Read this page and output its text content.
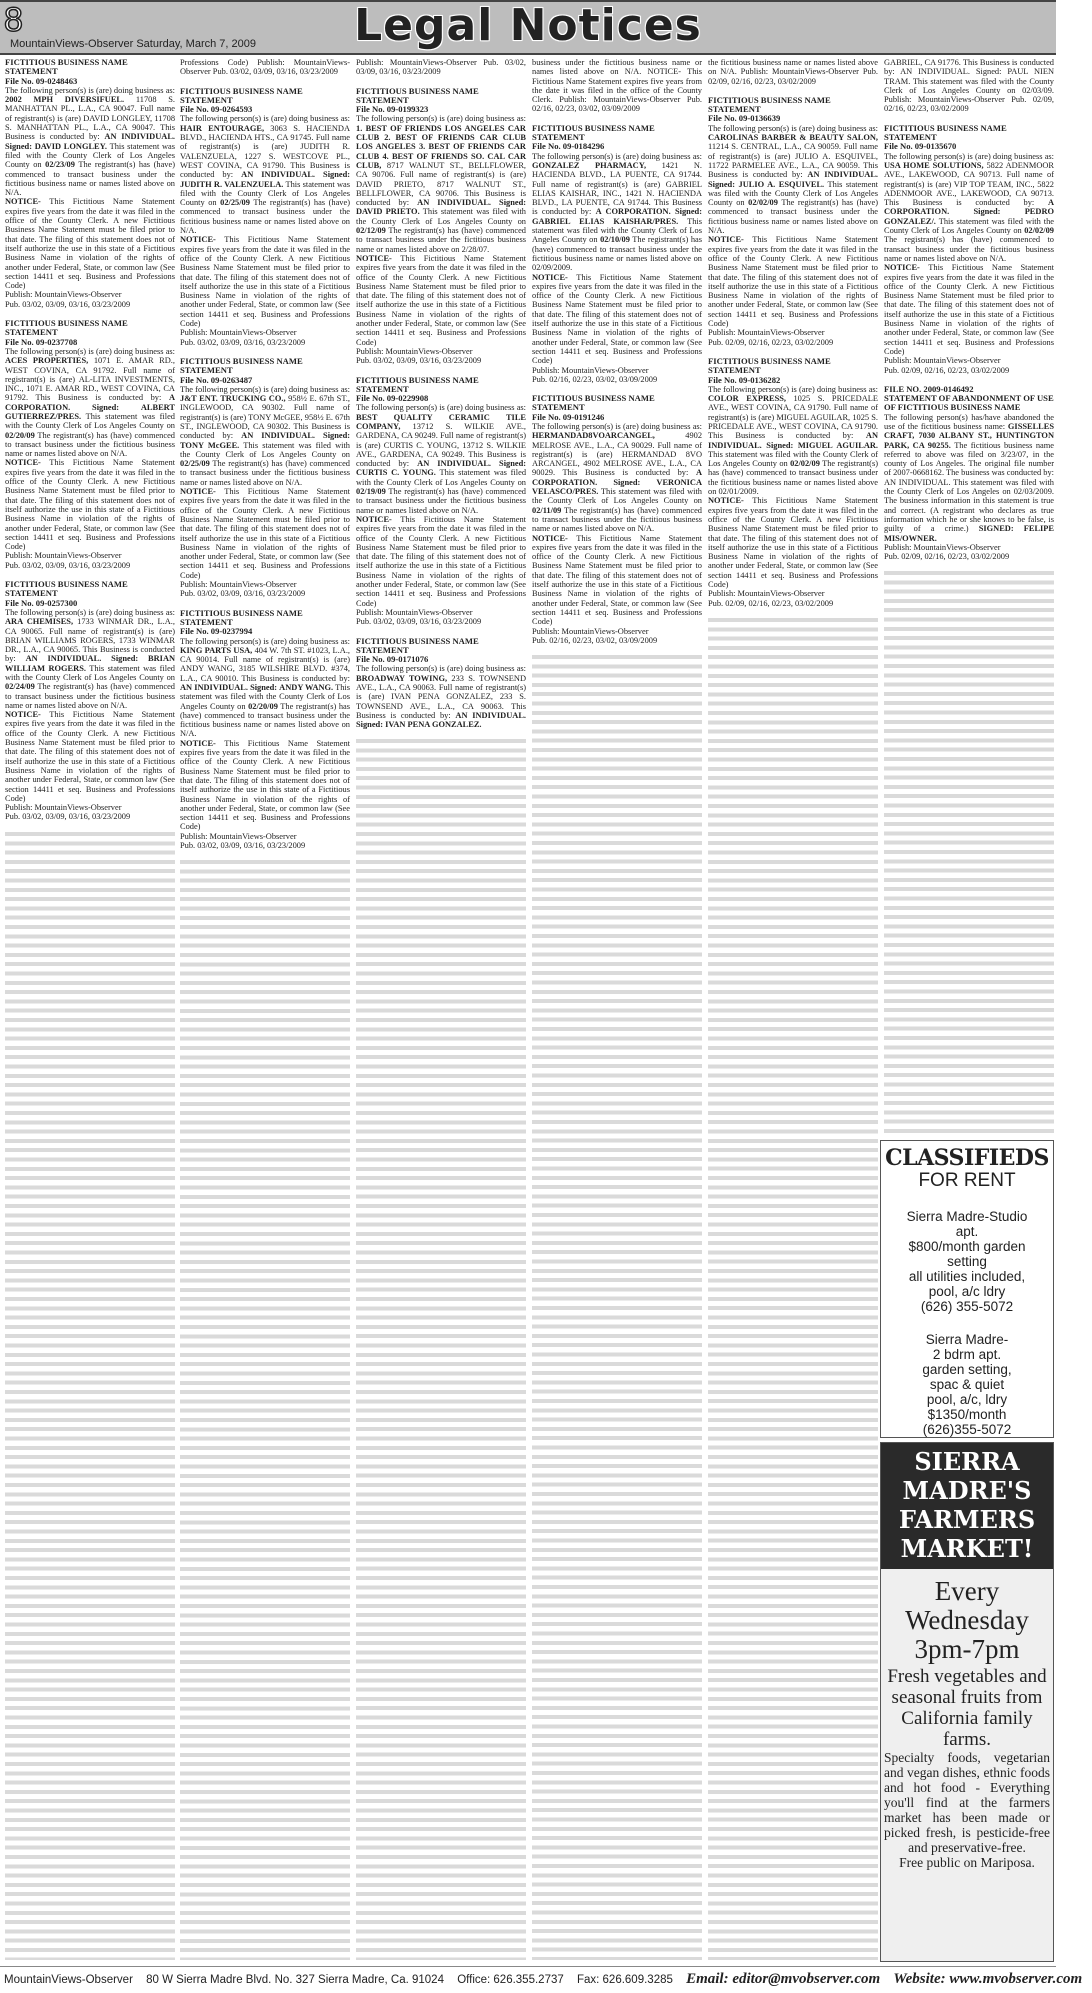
8
MountainViews-Observer Saturday, March 7, 2009	Legal Notices
FICTITIOUS BUSINESS NAME STATEMENT
File No. 09-0248463

The following person(s) is (are) doing business as: 2002 MPH DIVERSIFUEL. 11708 S. MANHATTAN PL., L.A., CA 90047. Full name of registrant(s) is (are) DAVID LONGLEY, 11708 S. MANHATTAN PL., L.A., CA 90047. This Business is conducted by: AN INDIVIDUAL. Signed: DAVID LONGLEY. This statement was filed with the County Clerk of Los Angeles County on 02/23/09 The registrant(s) has (have) commenced to transact business under the fictitious business name or names listed above on N/A.

NOTICE- This Fictitious Name Statement expires five years from the date it was filed in the office of the County Clerk. A new Fictitious Business Name Statement must be filed prior to that date. The filing of this statement does not of itself authorize the use in this state of a Fictitious Business Name in violation of the rights of another under Federal, State, or common law (See section 14411 et seq. Business and Professions Code)

Publish: MountainViews-Observer

Pub. 03/02, 03/09, 03/16, 03/23/2009

FICTITIOUS BUSINESS NAME STATEMENT
File No. 09-0237708

The following person(s) is (are) doing business as: ACES PROPERTIES, 1071 E. AMAR RD., WEST COVINA, CA 91792. Full name of registrant(s) is (are) AL-LITA INVESTMENTS, INC., 1071 E. AMAR RD., WEST COVINA, CA 91792. This Business is conducted by: A CORPORATION.	Signed:	ALBERT GUTIERREZ/PRES. This statement was filed with the County Clerk of Los Angeles County on 02/20/09 The registrant(s) has (have) commenced to transact business under the fictitious business name or names listed above on N/A.

NOTICE- This Fictitious Name Statement expires five years from the date it was filed in the office of the County Clerk. A new Fictitious Business Name Statement must be filed prior to that date. The filing of this statement does not of itself authorize the use in this state of a Fictitious Business Name in violation of the rights of another under Federal, State, or common law (See section 14411 et seq. Business and Professions Code)

Publish: MountainViews-Observer

Pub. 03/02, 03/09, 03/16, 03/23/2009

FICTITIOUS BUSINESS NAME STATEMENT
File No. 09-0257300

The following person(s) is (are) doing business as: ARA CHEMISES, 1733 WINMAR DR., L.A., CA 90065. Full name of registrant(s) is (are) BRIAN WILLIAMS ROGERS, 1733 WINMAR DR., L.A., CA 90065. This Business is conducted by: AN INDIVIDUAL. Signed: BRIAN WILLIAM ROGERS. This statement was filed with the County Clerk of Los Angeles County on 02/24/09 The registrant(s) has (have) commenced to transact business under the fictitious business name or names listed above on N/A.

NOTICE- This Fictitious Name Statement expires five years from the date it was filed in the office of the County Clerk. A new Fictitious Business Name Statement must be filed prior to that date. The filing of this statement does not of itself authorize the use in this state of a Fictitious Business Name in violation of the rights of another under Federal, State, or common law (See section 14411 et seq. Business and Professions Code)

Publish: MountainViews-Observer

Pub. 03/02, 03/09, 03/16, 03/23/2009

Professions Code) Publish: MountainViews-Observer Pub. 03/02, 03/09, 03/16, 03/23/2009
FICTITIOUS BUSINESS NAME STATEMENT
File No. 09-0264593

The following person(s) is (are) doing business as: HAIR ENTOURAGE, 3063 S. HACIENDA BLVD., HACIENDA HTS., CA 91745. Full name of registrant(s) is (are) JUDITH R. VALENZUELA, 1227 S. WESTCOVE PL., WEST COVINA, CA 91790. This Business is conducted by: AN INDIVIDUAL. Signed: JUDITH R. VALENZUELA. This statement was filed with the County Clerk of Los Angeles County on 02/25/09 The registrant(s) has (have) commenced to transact business under the fictitious business name or names listed above on N/A.

NOTICE- This Fictitious Name Statement expires five years from the date it was filed in the office of the County Clerk. A new Fictitious Business Name Statement must be filed prior to that date. The filing of this statement does not of itself authorize the use in this state of a Fictitious Business Name in violation of the rights of another under Federal, State, or common law (See section 14411 et seq. Business and Professions Code)

Publish: MountainViews-Observer

Pub. 03/02, 03/09, 03/16, 03/23/2009

FICTITIOUS BUSINESS NAME STATEMENT
File No. 09-0263487

The following person(s) is (are) doing business as: J&T ENT. TRUCKING CO., 958½ E. 67th ST., INGLEWOOD, CA 90302. Full name of registrant(s) is (are) TONY McGEE, 958½ E. 67th ST., INGLEWOOD, CA 90302. This Business is conducted by: AN INDIVIDUAL. Signed: TONY McGEE. This statement was filed with the County Clerk of Los Angeles County on 02/25/09 The registrant(s) has (have) commenced to transact business under the fictitious business name or names listed above on N/A.

NOTICE- This Fictitious Name Statement expires five years from the date it was filed in the office of the County Clerk. A new Fictitious Business Name Statement must be filed prior to that date. The filing of this statement does not of itself authorize the use in this state of a Fictitious Business Name in violation of the rights of another under Federal, State, or common law (See section 14411 et seq. Business and Professions Code)

Publish: MountainViews-Observer

Pub. 03/02, 03/09, 03/16, 03/23/2009

FICTITIOUS BUSINESS NAME STATEMENT
File No. 09-0237994

The following person(s) is (are) doing business as: KING PARTS USA, 404 W. 7th ST. #1023, L.A., CA 90014. Full name of registrant(s) is (are) ANDY WANG, 3185 WILSHIRE BLVD. #374, L.A., CA 90010. This Business is conducted by: AN INDIVIDUAL. Signed: ANDY WANG. This statement was filed with the County Clerk of Los Angeles County on 02/20/09 The registrant(s) has (have) commenced to transact business under the fictitious business name or names listed above on N/A.

NOTICE- This Fictitious Name Statement expires five years from the date it was filed in the office of the County Clerk. A new Fictitious Business Name Statement must be filed prior to that date. The filing of this statement does not of itself authorize the use in this state of a Fictitious Business Name in violation of the rights of another under Federal, State, or common law (See section 14411 et seq. Business and Professions Code)

Publish: MountainViews-Observer

Pub. 03/02, 03/09, 03/16, 03/23/2009

Publish: MountainViews-Observer Pub. 03/02, 03/09, 03/16, 03/23/2009
FICTITIOUS BUSINESS NAME STATEMENT
File No. 09-0199323

The following person(s) is (are) doing business as: 1. BEST OF FRIENDS LOS ANGELES CAR CLUB 2. BEST OF FRIENDS CAR CLUB LOS ANGELES 3. BEST OF FRIENDS CAR CLUB 4. BEST OF FRIENDS SO. CAL CAR CLUB, 8717 WALNUT ST., BELLFLOWER, CA 90706. Full name of registrant(s) is (are) DAVID PRIETO, 8717 WALNUT ST., BELLFLOWER, CA 90706. This Business is conducted by: AN INDIVIDUAL. Signed: DAVID PRIETO. This statement was filed with the County Clerk of Los Angeles County on 02/12/09 The registrant(s) has (have) commenced to transact business under the fictitious business name or names listed above on 2/28/07.

NOTICE- This Fictitious Name Statement expires five years from the date it was filed in the office of the County Clerk. A new Fictitious Business Name Statement must be filed prior to that date. The filing of this statement does not of itself authorize the use in this state of a Fictitious Business Name in violation of the rights of another under Federal, State, or common law (See section 14411 et seq. Business and Professions Code)

Publish: MountainViews-Observer

Pub. 03/02, 03/09, 03/16, 03/23/2009

FICTITIOUS BUSINESS NAME STATEMENT
File No. 09-0229908

The following person(s) is (are) doing business as: BEST QUALITY CERAMIC TILE COMPANY, 13712 S. WILKIE AVE., GARDENA, CA 90249. Full name of registrant(s) is (are) CURTIS C. YOUNG, 13712 S. WILKIE AVE., GARDENA, CA 90249. This Business is conducted by: AN INDIVIDUAL. Signed: CURTIS C. YOUNG. This statement was filed with the County Clerk of Los Angeles County on 02/19/09 The registrant(s) has (have) commenced to transact business under the fictitious business name or names listed above on N/A.

NOTICE- This Fictitious Name Statement expires five years from the date it was filed in the office of the County Clerk. A new Fictitious Business Name Statement must be filed prior to that date. The filing of this statement does not of itself authorize the use in this state of a Fictitious Business Name in violation of the rights of another under Federal, State, or common law (See section 14411 et seq. Business and Professions Code)

Publish: MountainViews-Observer

Pub. 03/02, 03/09, 03/16, 03/23/2009

FICTITIOUS BUSINESS NAME STATEMENT
File No. 09-0171076

The following person(s) is (are) doing business as: BROADWAY TOWING, 233 S. TOWNSEND AVE., L.A., CA 90063. Full name of registrant(s) is (are) IVAN PENA GONZALEZ, 233 S. TOWNSEND AVE., L.A., CA 90063. This Business is conducted by: AN INDIVIDUAL. Signed: IVAN PENA GONZALEZ.

business under the fictitious business name or names listed above on N/A. NOTICE- This Fictitious Name Statement expires five years from the date it was filed in the office of the County Clerk. Publish: MountainViews-Observer Pub. 02/16, 02/23, 03/02, 03/09/2009
FICTITIOUS BUSINESS NAME STATEMENT
File No. 09-0184296

The following person(s) is (are) doing business as: GONZALEZ PHARMACY, 1421 N. HACIENDA BLVD., LA PUENTE, CA 91744. Full name of registrant(s) is (are) GABRIEL ELIAS KAISHAR, INC., 1421 N. HACIENDA BLVD., LA PUENTE, CA 91744. This Business is conducted by: A CORPORATION. Signed: GABRIEL ELIAS KAISHAR/PRES. This statement was filed with the County Clerk of Los Angeles County on 02/10/09 The registrant(s) has (have) commenced to transact business under the fictitious business name or names listed above on 02/09/2009.

NOTICE- This Fictitious Name Statement expires five years from the date it was filed in the office of the County Clerk. A new Fictitious Business Name Statement must be filed prior to that date. The filing of this statement does not of itself authorize the use in this state of a Fictitious Business Name in violation of the rights of another under Federal, State, or common law (See section 14411 et seq. Business and Professions Code)

Publish: MountainViews-Observer

Pub. 02/16, 02/23, 03/02, 03/09/2009

FICTITIOUS BUSINESS NAME STATEMENT
File No. 09-0191246

The following person(s) is (are) doing business as: HERMANDAD8VOARCANGEL,	4902 MELROSE AVE., L.A., CA 90029. Full name of registrant(s) is (are) HERMANDAD 8VO ARCANGEL, 4902 MELROSE AVE., L.A., CA 90029. This Business is conducted by: A CORPORATION. Signed: VERONICA VELASCO/PRES. This statement was filed with the County Clerk of Los Angeles County on 02/11/09 The registrant(s) has (have) commenced to transact business under the fictitious business name or names listed above on N/A.

NOTICE- This Fictitious Name Statement expires five years from the date it was filed in the office of the County Clerk. A new Fictitious Business Name Statement must be filed prior to that date. The filing of this statement does not of itself authorize the use in this state of a Fictitious Business Name in violation of the rights of another under Federal, State, or common law (See section 14411 et seq. Business and Professions Code)

Publish: MountainViews-Observer

Pub. 02/16, 02/23, 03/02, 03/09/2009

the fictitious business name or names listed above on N/A. Publish: MountainViews-Observer Pub. 02/09, 02/16, 02/23, 03/02/2009
FICTITIOUS BUSINESS NAME STATEMENT
File No. 09-0136639

The following person(s) is (are) doing business as: CAROLINAS BARBER & BEAUTY SALON, 11214 S. CENTRAL, L.A., CA 90059. Full name of registrant(s) is (are) JULIO A. ESQUIVEL, 11722 PARMELEE AVE., L.A., CA 90059. This Business is conducted by: AN INDIVIDUAL. Signed: JULIO A. ESQUIVEL. This statement was filed with the County Clerk of Los Angeles County on 02/02/09 The registrant(s) has (have) commenced to transact business under the fictitious business name or names listed above on N/A.

NOTICE- This Fictitious Name Statement expires five years from the date it was filed in the office of the County Clerk. A new Fictitious Business Name Statement must be filed prior to that date. The filing of this statement does not of itself authorize the use in this state of a Fictitious Business Name in violation of the rights of another under Federal, State, or common law (See section 14411 et seq. Business and Professions Code)

Publish: MountainViews-Observer

Pub. 02/09, 02/16, 02/23, 03/02/2009

FICTITIOUS BUSINESS NAME STATEMENT
File No. 09-0136282

The following person(s) is (are) doing business as: COLOR EXPRESS, 1025 S. PRICEDALE AVE., WEST COVINA, CA 91790. Full name of registrant(s) is (are) MIGUEL AGUILAR, 1025 S. PRICEDALE AVE., WEST COVINA, CA 91790. This Business is conducted by: AN INDIVIDUAL. Signed: MIGUEL AGUILAR. This statement was filed with the County Clerk of Los Angeles County on 02/02/09 The registrant(s) has (have) commenced to transact business under the fictitious business name or names listed above on 02/01/2009.

NOTICE- This Fictitious Name Statement expires five years from the date it was filed in the office of the County Clerk. A new Fictitious Business Name Statement must be filed prior to that date. The filing of this statement does not of itself authorize the use in this state of a Fictitious Business Name in violation of the rights of another under Federal, State, or common law (See section 14411 et seq. Business and Professions Code)

Publish: MountainViews-Observer

Pub. 02/09, 02/16, 02/23, 03/02/2009

GABRIEL, CA 91776. This Business is conducted by: AN INDIVIDUAL. Signed: PAUL NIEN TRAM. This statement was filed with the County Clerk of Los Angeles County on 02/03/09. Publish: MountainViews-Observer Pub. 02/09, 02/16, 02/23, 03/02/2009
FICTITIOUS BUSINESS NAME STATEMENT
File No. 09-0135670

The following person(s) is (are) doing business as: USA HOME SOLUTIONS, 5822 ADENMOOR AVE., LAKEWOOD, CA 90713. Full name of registrant(s) is (are) VIP TOP TEAM, INC., 5822 ADENMOOR AVE., LAKEWOOD, CA 90713. This Business is conducted by: A CORPORATION.	Signed:	PEDRO GONZALEZ/. This statement was filed with the County Clerk of Los Angeles County on 02/02/09 The registrant(s) has (have) commenced to transact business under the fictitious business name or names listed above on N/A.

NOTICE- This Fictitious Name Statement expires five years from the date it was filed in the office of the County Clerk. A new Fictitious Business Name Statement must be filed prior to that date. The filing of this statement does not of itself authorize the use in this state of a Fictitious Business Name in violation of the rights of another under Federal, State, or common law (See section 14411 et seq. Business and Professions Code)

Publish: MountainViews-Observer

Pub. 02/09, 02/16, 02/23, 03/02/2009

FILE NO. 2009-0146492
STATEMENT OF ABANDONMENT OF USE OF FICTITIOUS BUSINESS NAME

The following person(s) has/have abandoned the use of the fictitious business name: GISSELLES CRAFT, 7030 ALBANY ST., HUNTINGTON PARK, CA 90255. The fictitious business name referred to above was filed on 3/23/07, in the county of Los Angeles. The original file number of 2007-0668162. The business was conducted by: AN INDIVIDUAL. This statement was filed with the County Clerk of Los Angeles on 02/03/2009. The business information in this statement is true and correct. (A registrant who declares as true information which he or she knows to be false, is guilty of a crime.) SIGNED: FELIPE MIS/OWNER.

Publish: MountainViews-Observer

Pub. 02/09, 02/16, 02/23, 03/02/2009

CLASSIFIEDS
FOR RENT
Sierra Madre-Studio
apt.
$800/month garden
setting
all utilities included,
pool, a/c ldry
(626) 355-5072
Sierra Madre-
2 bdrm apt.
garden setting,
spac & quiet
pool, a/c, ldry
$1350/month
(626)355-5072
SIERRA
MADRE'S
FARMERS
MARKET!
Every
Wednesday
3pm-7pm
Fresh vegetables and seasonal fruits from California family farms.
Specialty foods, vegetarian and vegan dishes, ethnic foods and hot food - Everything you'll find at the farmers market has been made or picked fresh, is pesticide-free and preservative-free.
Free public on Mariposa.
MountainViews-Observer 80 W Sierra Madre Blvd. No. 327 Sierra Madre, Ca. 91024 Office: 626.355.2737 Fax: 626.609.3285 Email: editor@mvobserver.com Website: www.mvobserver.com
